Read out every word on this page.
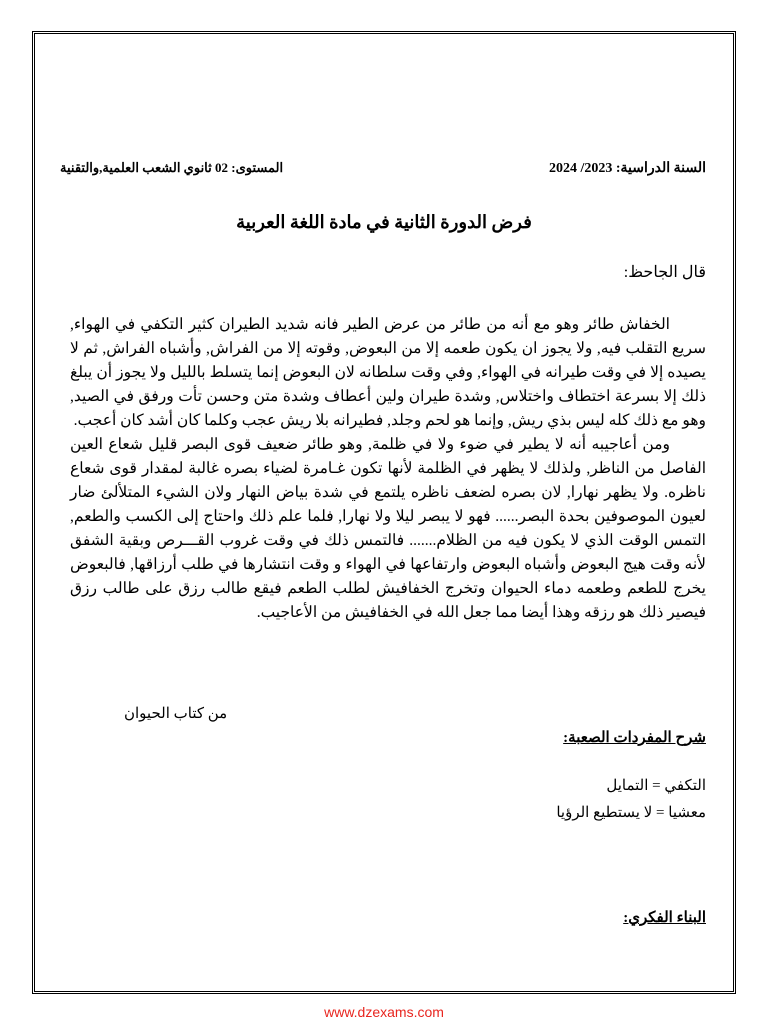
السنة الدراسية: 2023/ 2024
المستوى: 02 ثانوي الشعب العلمية,والتقنية
فرض الدورة الثانية في مادة اللغة العربية
قال الجاحظ:

الخفاش طائر وهو مع أنه من طائر من عرض الطير فانه شديد الطيران كثير التكفي في الهواء, سريع التقلب فيه, ولا يجوز ان يكون طعمه إلا من البعوض, وقوته إلا من الفراش, وأشباه الفراش, ثم لا يصيده إلا في وقت طيرانه في الهواء, وفي وقت سلطانه لان البعوض إنما يتسلط بالليل ولا يجوز أن يبلغ ذلك إلا بسرعة اختطاف واختلاس, وشدة طيران ولين أعطاف وشدة متن وحسن تأت ورفق في الصيد, وهو مع ذلك كله ليس بذي ريش, وإنما هو لحم وجلد, فطيرانه بلا ريش عجب وكلما كان أشد كان أعجب.

ومن أعاجيبه أنه لا يطير في ضوء ولا في ظلمة, وهو طائر ضعيف قوى البصر قليل شعاع العين الفاصل من الناظر, ولذلك لا يظهر في الظلمة لأنها تكون غـامرة لضياء بصره غالبة لمقدار قوى شعاع ناظره. ولا يظهر نهارا, لان بصره لضعف ناظره يلتمع في شدة بياض النهار ولان الشيء المتلألئ ضار لعيون الموصوفين بحدة البصر...... فهو لا يبصر ليلا ولا نهارا, فلما علم ذلك واحتاج إلى الكسب والطعم, التمس الوقت الذي لا يكون فيه من الظلام....... فالتمس ذلك في وقت غروب القـــرص وبقية الشفق لأنه وقت هيج البعوض وأشباه البعوض وارتفاعها في الهواء و وقت انتشارها في طلب أرزاقها, فالبعوض يخرج للطعم وطعمه دماء الحيوان وتخرج الخفافيش لطلب الطعم فيقع طالب رزق على طالب رزق فيصير ذلك هو رزقه وهذا أيضا مما جعل الله في الخفافيش من الأعاجيب.

من كتاب الحيوان
شرح المفردات الصعبة:
التكفي = التمايل
معشيا = لا يستطيع الرؤيا
البناء الفكري:
www.dzexams.com
